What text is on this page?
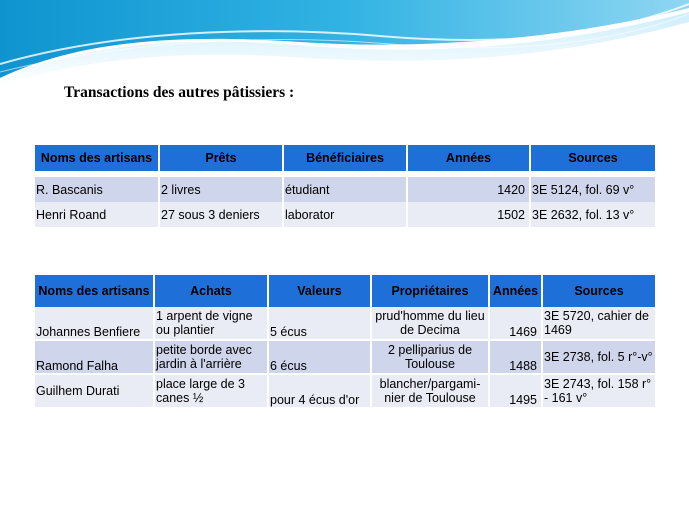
Transactions des autres pâtissiers :
Noms des artisans	Prêts	Bénéficiaires	Années	Sources

R. Bascanis	2 livres	étudiant	1420	3E 5124, fol. 69 v°
Henri Roand	27 sous 3 deniers	laborator	1502	3E 2632, fol. 13 v°
Noms des artisans	Achats	Valeurs	Propriétaires	Années	Sources
Johannes Benfiere	1 arpent de vigne ou plantier	5 écus	prud'homme du lieu de Decima	1469	3E 5720, cahier de 1469
Ramond Falha	petite borde avec jardin à l'arrière	6 écus	2 pelliparius de Toulouse	1488	3E 2738, fol. 5 r°-v°
Guilhem Durati	place large de 3 canes ½	pour 4 écus d'or	blancher/pargami-nier de Toulouse	1495	3E 2743, fol. 158 r° - 161 v°
